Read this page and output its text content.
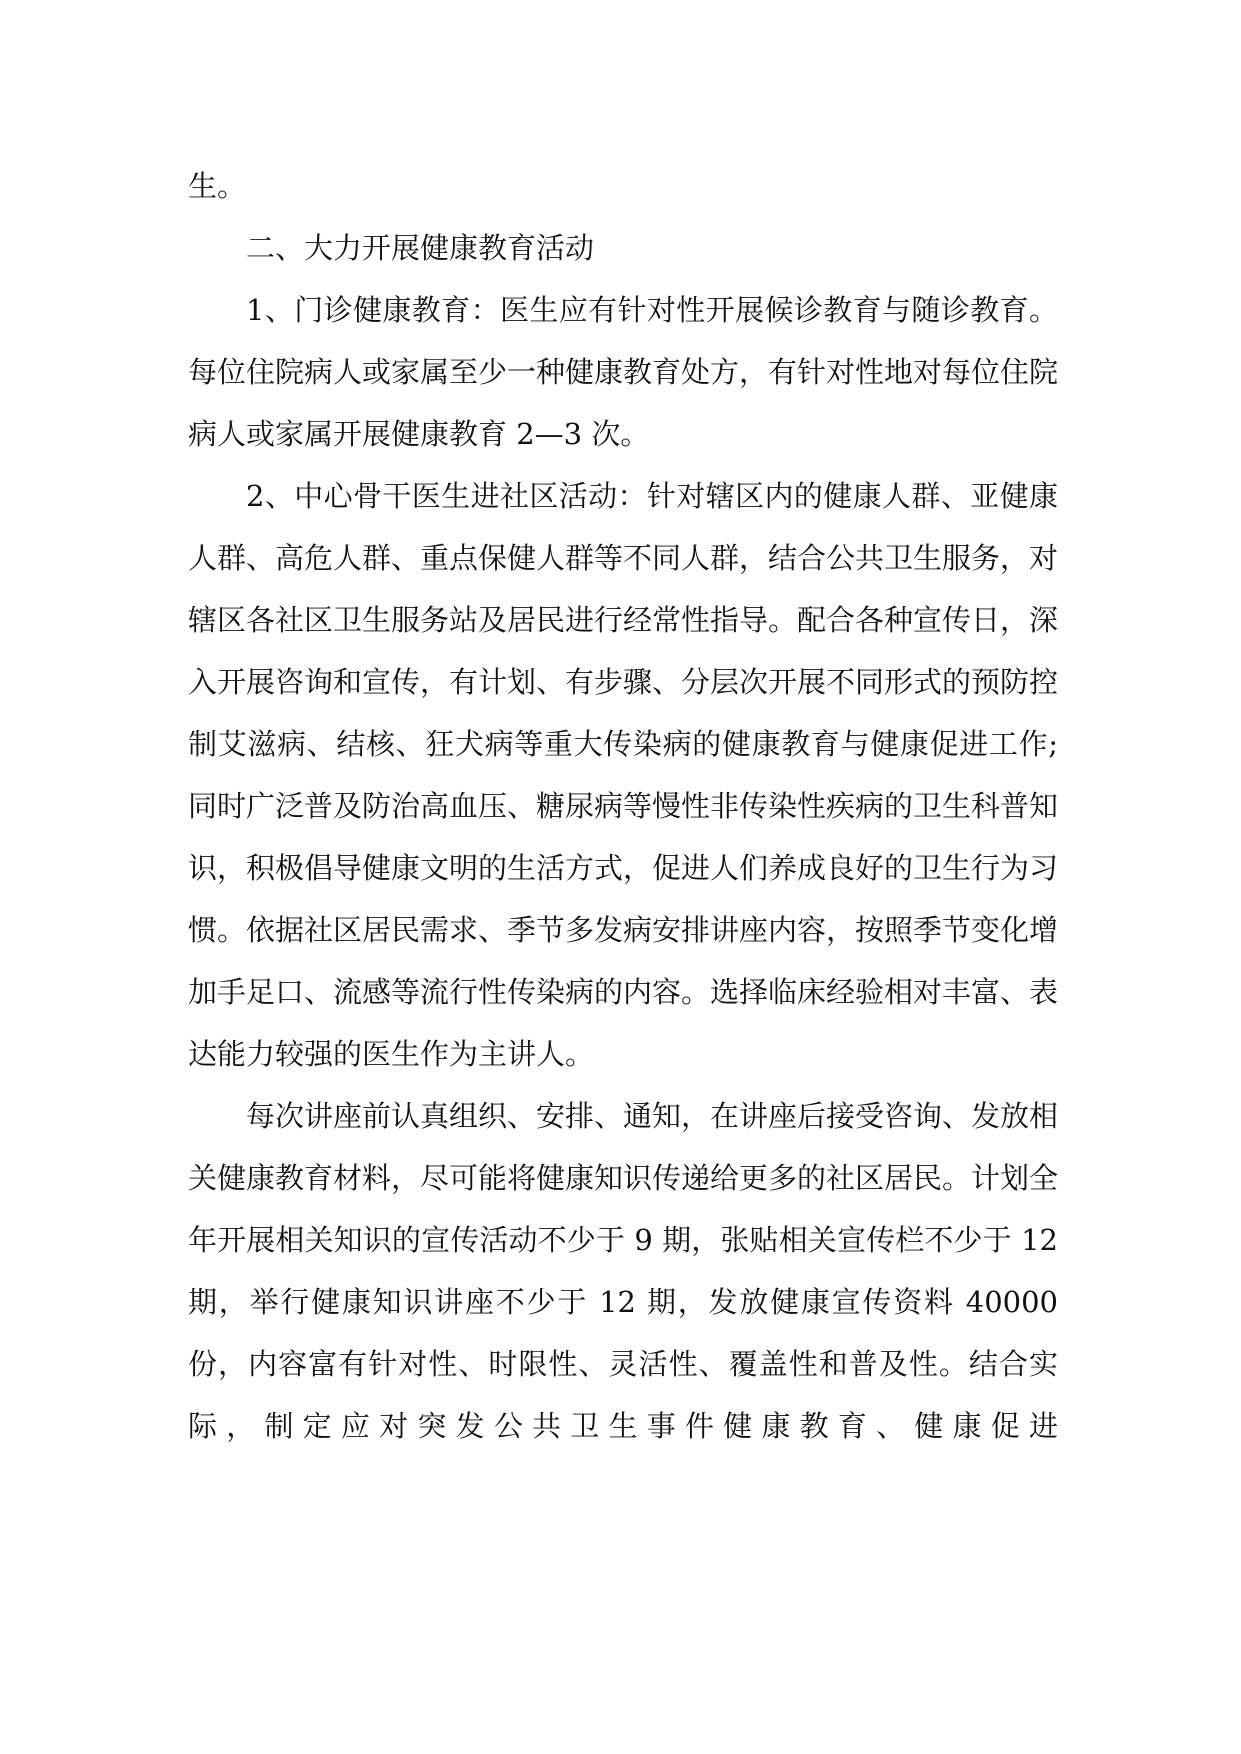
生。

二、大力开展健康教育活动

1、门诊健康教育：医生应有针对性开展候诊教育与随诊教育。每位住院病人或家属至少一种健康教育处方，有针对性地对每位住院病人或家属开展健康教育 2—3 次。

2、中心骨干医生进社区活动：针对辖区内的健康人群、亚健康人群、高危人群、重点保健人群等不同人群，结合公共卫生服务，对辖区各社区卫生服务站及居民进行经常性指导。配合各种宣传日，深入开展咨询和宣传，有计划、有步骤、分层次开展不同形式的预防控制艾滋病、结核、狂犬病等重大传染病的健康教育与健康促进工作;同时广泛普及防治高血压、糖尿病等慢性非传染性疾病的卫生科普知识，积极倡导健康文明的生活方式，促进人们养成良好的卫生行为习惯。依据社区居民需求、季节多发病安排讲座内容，按照季节变化增加手足口、流感等流行性传染病的内容。选择临床经验相对丰富、表达能力较强的医生作为主讲人。

每次讲座前认真组织、安排、通知，在讲座后接受咨询、发放相关健康教育材料，尽可能将健康知识传递给更多的社区居民。计划全年开展相关知识的宣传活动不少于 9 期，张贴相关宣传栏不少于 12 期，举行健康知识讲座不少于 12 期，发放健康宣传资料 40000 份，内容富有针对性、时限性、灵活性、覆盖性和普及性。结合实际，制定应对突发公共卫生事件健康教育、健康促进
